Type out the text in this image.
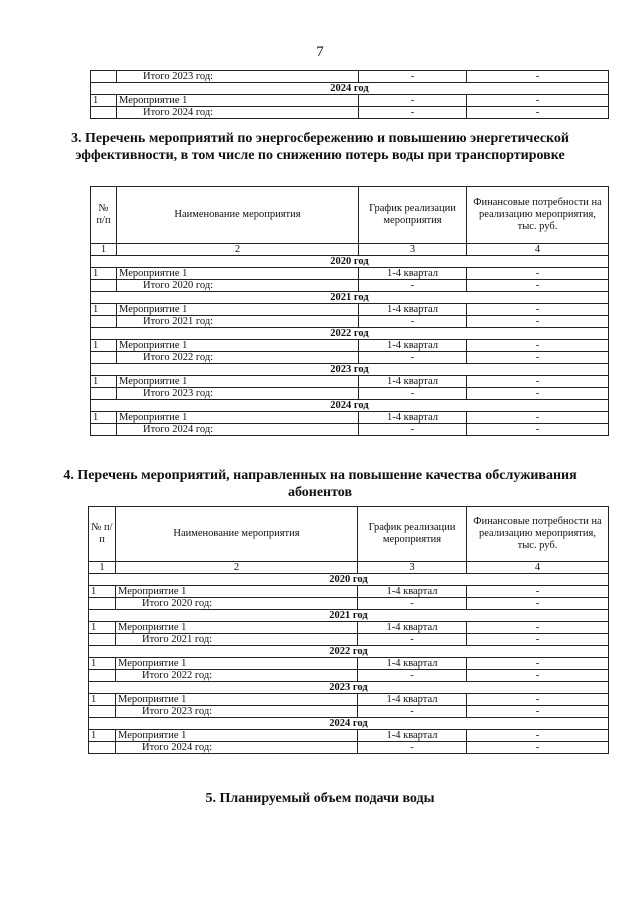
7
	Итого 2023 год:	-	-
2024 год			
1	Мероприятие 1	-	-
	Итого 2024 год:	-	-
3. Перечень мероприятий по энергосбережению и повышению энергетической эффективности, в том числе по снижению потерь воды при транспортировке
№ п/п	Наименование мероприятия	График реализации мероприятия	Финансовые потребности на реализацию мероприятия, тыс. руб.
1	2	3	4
2020 год			
1	Мероприятие 1	1-4 квартал	-
	Итого 2020 год:	-	-
2021 год			
1	Мероприятие 1	1-4 квартал	-
	Итого 2021 год:	-	-
2022 год			
1	Мероприятие 1	1-4 квартал	-
	Итого 2022 год:	-	-
2023 год			
1	Мероприятие 1	1-4 квартал	-
	Итого 2023 год:	-	-
2024 год			
1	Мероприятие 1	1-4 квартал	-
	Итого 2024 год:	-	-
4. Перечень мероприятий, направленных на повышение качества обслуживания абонентов
№ п/п	Наименование мероприятия	График реализации мероприятия	Финансовые потребности на реализацию мероприятия, тыс. руб.
1	2	3	4
2020 год			
1	Мероприятие 1	1-4 квартал	-
	Итого 2020 год:	-	-
2021 год			
1	Мероприятие 1	1-4 квартал	-
	Итого 2021 год:	-	-
2022 год			
1	Мероприятие 1	1-4 квартал	-
	Итого 2022 год:	-	-
2023 год			
1	Мероприятие 1	1-4 квартал	-
	Итого 2023 год:	-	-
2024 год			
1	Мероприятие 1	1-4 квартал	-
	Итого 2024 год:	-	-
5. Планируемый объем подачи воды
